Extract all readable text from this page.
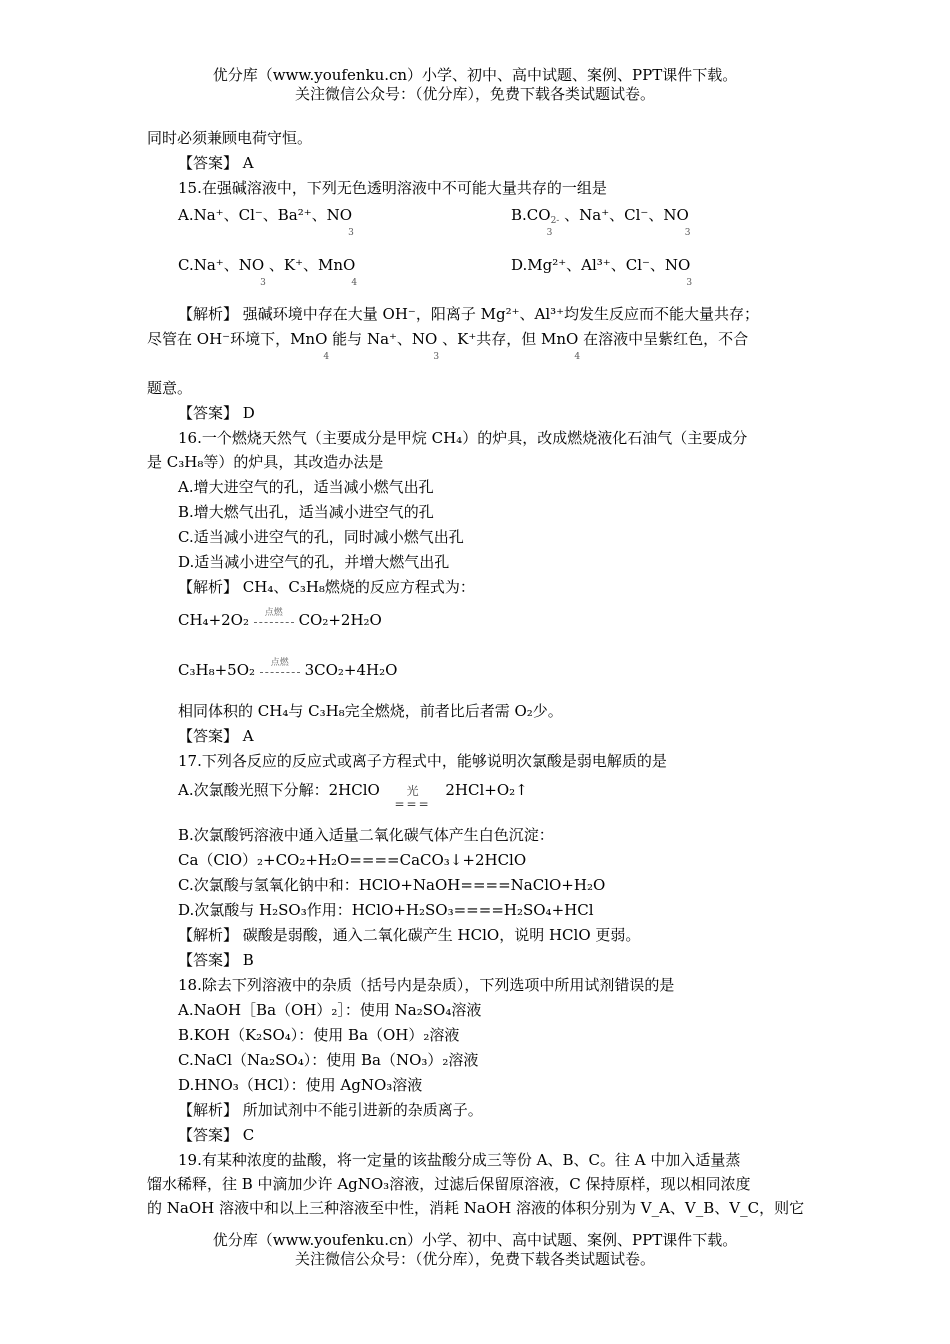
优分库（www.youfenku.cn）小学、初中、高中试题、案例、PPT课件下载。
关注微信公众号：（优分库），免费下载各类试题试卷。
同时必须兼顾电荷守恒。
【答案】 A
15.在强碱溶液中，下列无色透明溶液中不可能大量共存的一组是
A.Na⁺、Cl⁻、Ba²⁺、NO
3
B.CO
3
$_{2-}$ 、Na⁺、Cl⁻、NO
3
C.Na⁺、NO
3
、K⁺、MnO
4
D.Mg²⁺、Al³⁺、Cl⁻、NO
3
【解析】 强碱环境中存在大量 OH⁻，阳离子 Mg²⁺、Al³⁺均发生反应而不能大量共存；
尽管在 OH⁻环境下，MnO
4
能与 Na⁺、NO
3
、K⁺共存，但 MnO
4
在溶液中呈紫红色，不合
题意。
【答案】 D
16.一个燃烧天然气（主要成分是甲烷 CH₄）的炉具，改成燃烧液化石油气（主要成分
是 C₃H₈等）的炉具，其改造办法是
A.增大进空气的孔，适当减小燃气出孔
B.增大燃气出孔，适当减小进空气的孔
C.适当减小进空气的孔，同时减小燃气出孔
D.适当减小进空气的孔，并增大燃气出孔
【解析】 CH₄、C₃H₈燃烧的反应方程式为：
CH₄+2O₂	点燃	CO₂+2H₂O
C₃H₈+5O₂	点燃	3CO₂+4H₂O
相同体积的 CH₄与 C₃H₈完全燃烧，前者比后者需 O₂少。
【答案】 A
17.下列各反应的反应式或离子方程式中，能够说明次氯酸是弱电解质的是
A.次氯酸光照下分解：2HClO	光
===
2HCl+O₂↑
B.次氯酸钙溶液中通入适量二氧化碳气体产生白色沉淀：
Ca（ClO）₂+CO₂+H₂O====CaCO₃↓+2HClO
C.次氯酸与氢氧化钠中和：HClO+NaOH====NaClO+H₂O
D.次氯酸与 H₂SO₃作用：HClO+H₂SO₃====H₂SO₄+HCl
【解析】 碳酸是弱酸，通入二氧化碳产生 HClO，说明 HClO 更弱。
【答案】 B
18.除去下列溶液中的杂质（括号内是杂质），下列选项中所用试剂错误的是
A.NaOH［Ba（OH）₂］：使用 Na₂SO₄溶液
B.KOH（K₂SO₄）：使用 Ba（OH）₂溶液
C.NaCl（Na₂SO₄）：使用 Ba（NO₃）₂溶液
D.HNO₃（HCl）：使用 AgNO₃溶液
【解析】 所加试剂中不能引进新的杂质离子。
【答案】 C
19.有某种浓度的盐酸，将一定量的该盐酸分成三等份 A、B、C。往 A 中加入适量蒸
馏水稀释，往 B 中滴加少许 AgNO₃溶液，过滤后保留原溶液，C 保持原样，现以相同浓度
的 NaOH 溶液中和以上三种溶液至中性，消耗 NaOH 溶液的体积分别为 V_A、V_B、V_C，则它
优分库（www.youfenku.cn）小学、初中、高中试题、案例、PPT课件下载。
关注微信公众号：（优分库），免费下载各类试题试卷。
